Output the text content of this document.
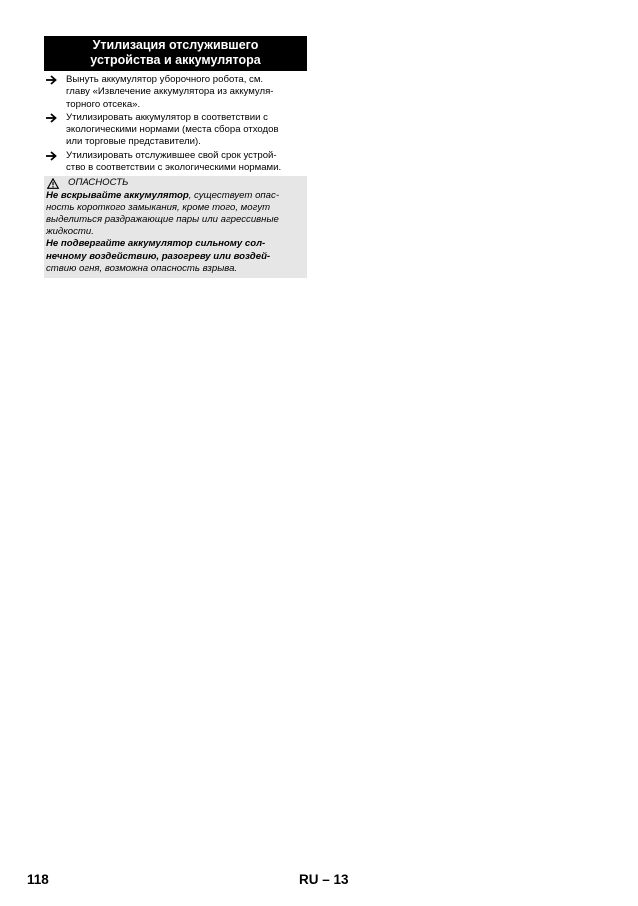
Утилизация отслужившего
устройства и аккумулятора
Вынуть аккумулятор уборочного робота, см.
главу «Извлечение аккумулятора из аккумуля-
торного отсека».
Утилизировать аккумулятор в соответствии с
экологическими нормами (места сбора отходов
или торговые представители).
Утилизировать отслужившее свой срок устрой-
ство в соответствии с экологическими нормами.
ОПАСНОСТЬ
Не вскрывайте аккумулятор, существует опас-
ность короткого замыкания, кроме того, могут
выделиться раздражающие пары или агрессивные
жидкости.
Не подвергайте аккумулятор сильному сол-
нечному воздействию, разогреву или воздей-
ствию огня, возможна опасность взрыва.
118	RU – 13
